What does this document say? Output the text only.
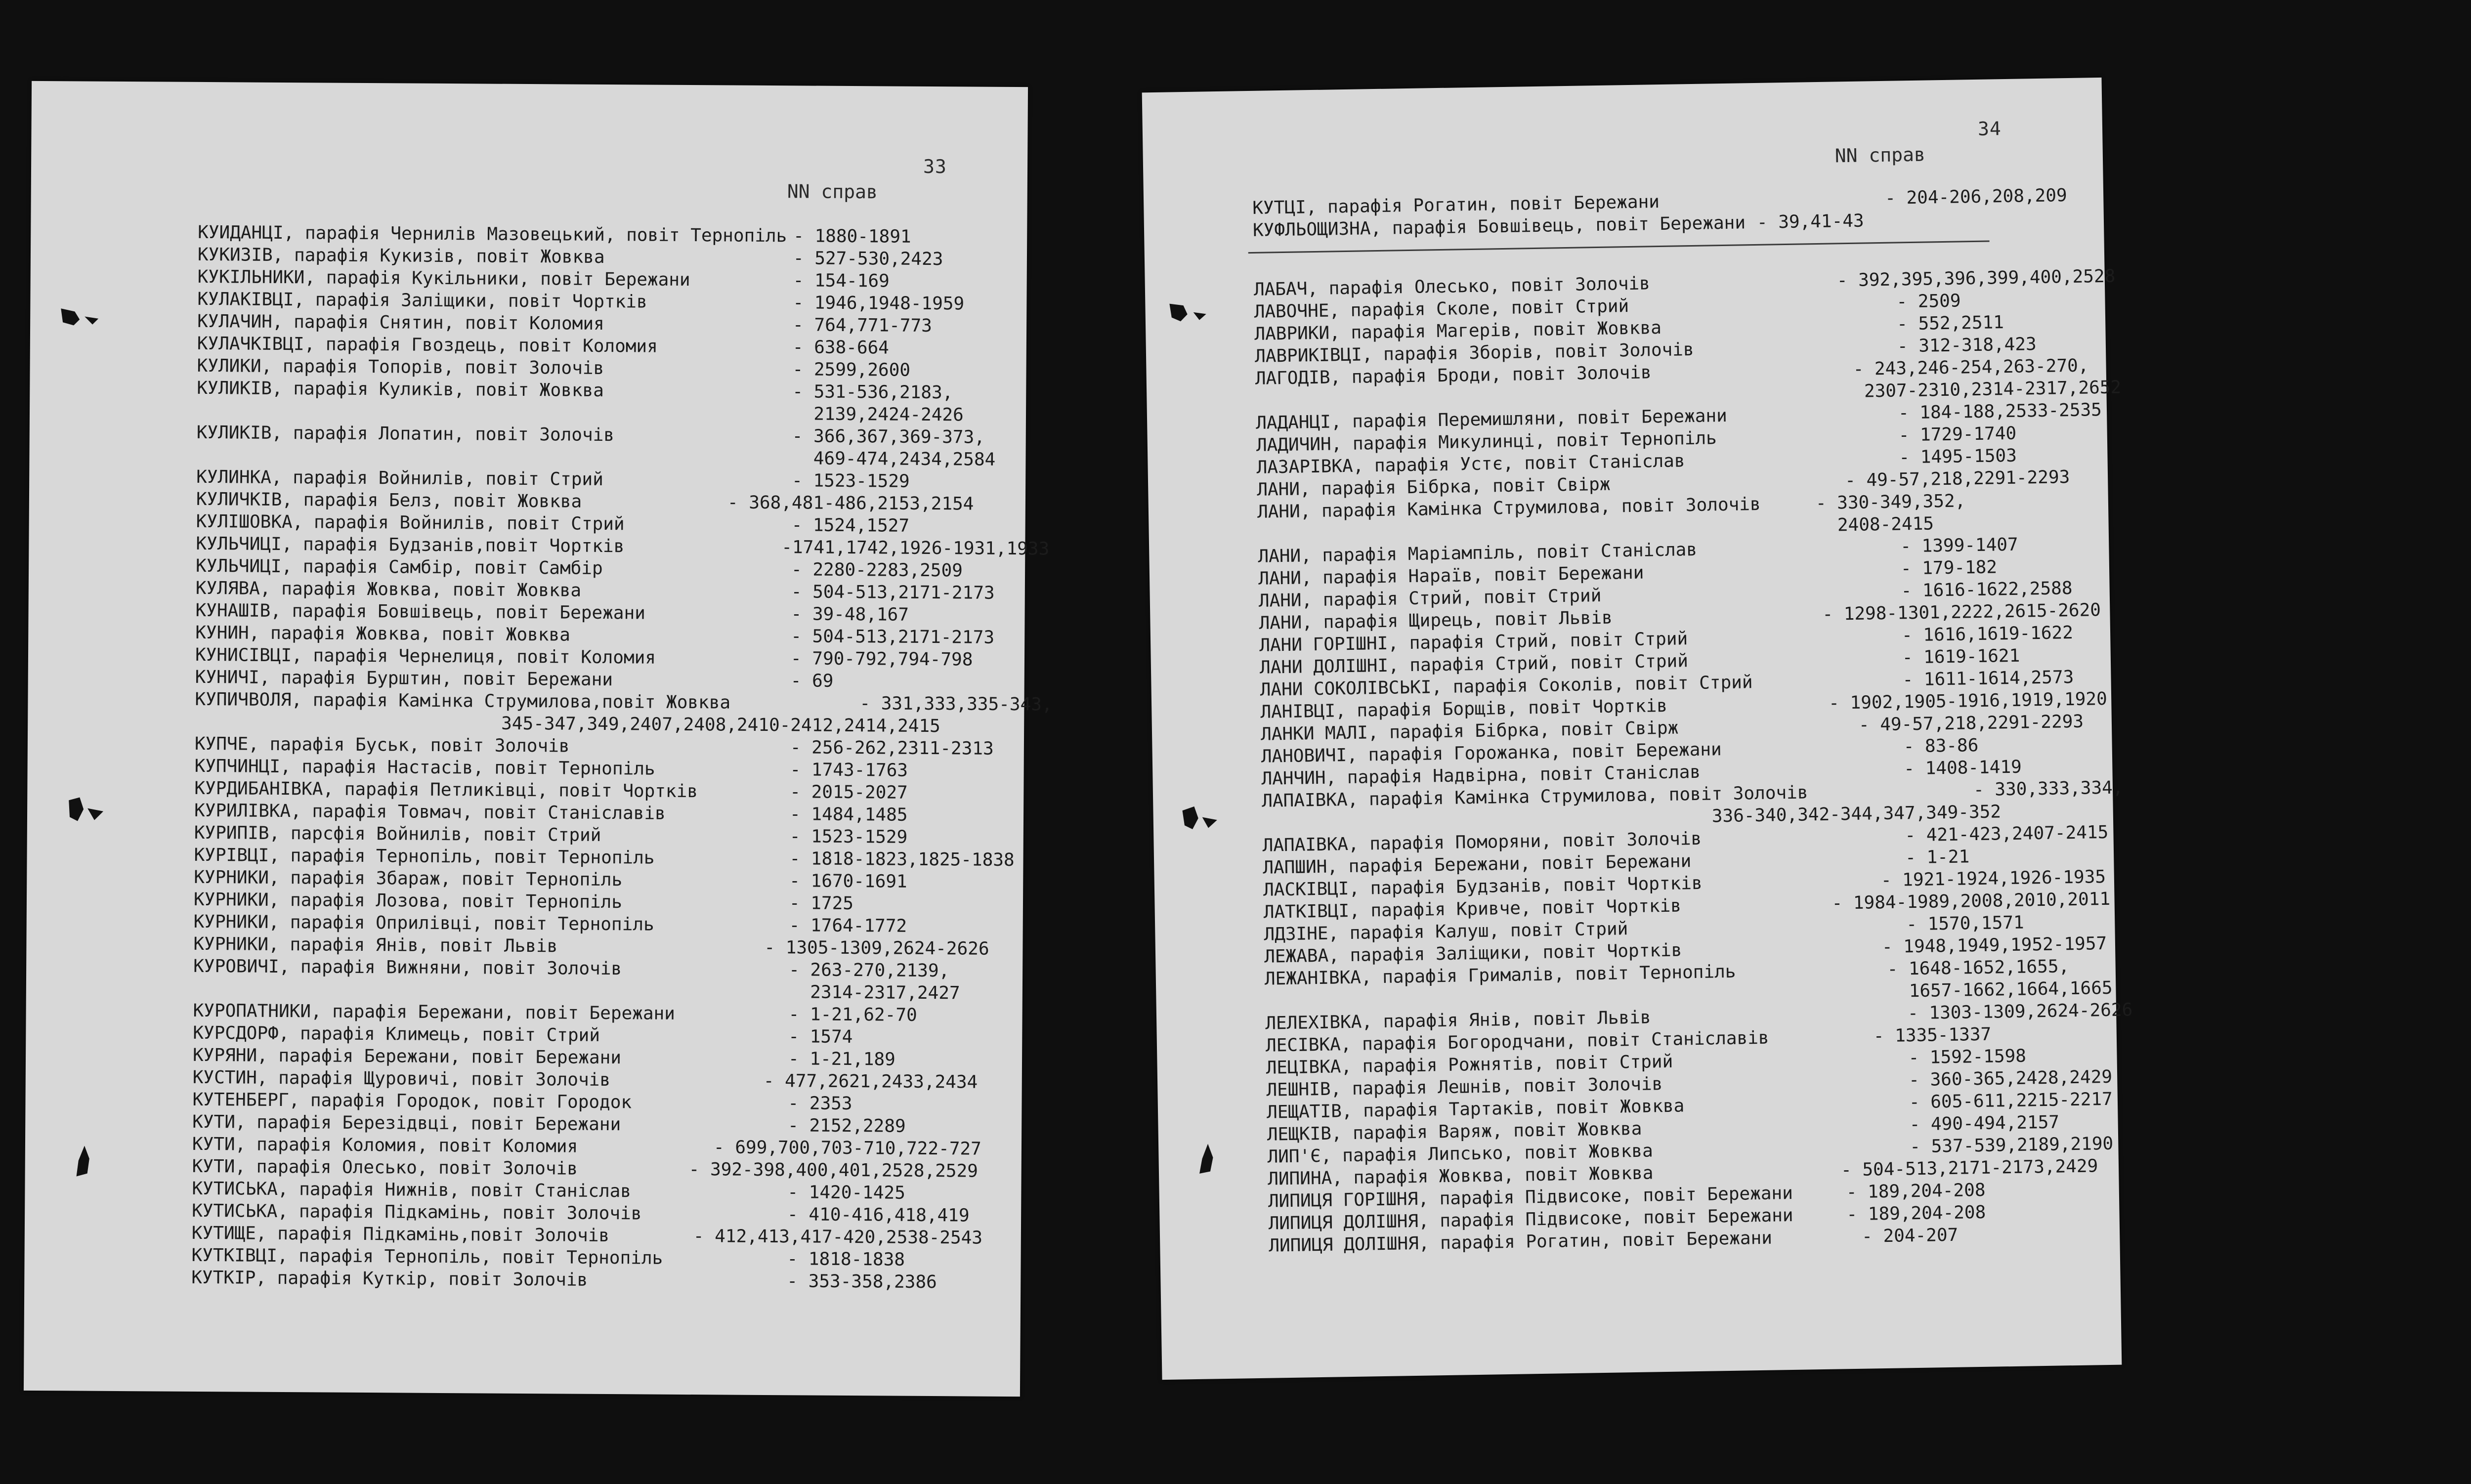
33
NN справ
КУИДАНЦІ, парафія Чернилів Мазовецький, повіт Тернопіль - 1880-1891
КУКИЗІВ, парафія Кукизів, повіт Жовква	- 527-530,2423
КУКІЛЬНИКИ, парафія Кукільники, повіт Бережани	- 154-169
КУЛАКІВЦІ, парафія Заліщики, повіт Чортків	- 1946,1948-1959
КУЛАЧИН, парафія Снятин, повіт Коломия	- 764,771-773
КУЛАЧКІВЦІ, парафія Гвоздець, повіт Коломия	- 638-664
КУЛИКИ, парафія Топорів, повіт Золочів	- 2599,2600
КУЛИКІВ, парафія Куликів, повіт Жовква	- 531-536,2183,
2139,2424-2426
КУЛИКІВ, парафія Лопатин, повіт Золочів	- 366,367,369-373,
469-474,2434,2584
КУЛИНКА, парафія Войнилів, повіт Стрий	- 1523-1529
КУЛИЧКІВ, парафія Белз, повіт Жовква	- 368,481-486,2153,2154
КУЛІШОВКА, парафія Войнилів, повіт Стрий	- 1524,1527
КУЛЬЧИЦІ, парафія Будзанів,повіт Чортків	-1741,1742,1926-1931,1933
КУЛЬЧИЦІ, парафія Самбір, повіт Самбір	- 2280-2283,2509
КУЛЯВА, парафія Жовква, повіт Жовква	- 504-513,2171-2173
КУНАШІВ, парафія Бовшівець, повіт Бережани	- 39-48,167
КУНИН, парафія Жовква, повіт Жовква	- 504-513,2171-2173
КУНИСІВЦІ, парафія Чернелиця, повіт Коломия	- 790-792,794-798
КУНИЧІ, парафія Бурштин, повіт Бережани	- 69
КУПИЧВОЛЯ, парафія Камінка Струмилова,повіт Жовква	- 331,333,335-343,
345-347,349,2407,2408,2410-2412,2414,2415
КУПЧЕ, парафія Буськ, повіт Золочів	- 256-262,2311-2313
КУПЧИНЦІ, парафія Настасів, повіт Тернопіль	- 1743-1763
КУРДИБАНІВКА, парафія Петликівці, повіт Чортків	- 2015-2027
КУРИЛІВКА, парафія Товмач, повіт Станіславів	- 1484,1485
КУРИПІВ, парсфія Войнилів, повіт Стрий	- 1523-1529
КУРІВЦІ, парафія Тернопіль, повіт Тернопіль	- 1818-1823,1825-1838
КУРНИКИ, парафія Збараж, повіт Тернопіль	- 1670-1691
КУРНИКИ, парафія Лозова, повіт Тернопіль	- 1725
КУРНИКИ, парафія Оприлівці, повіт Тернопіль	- 1764-1772
КУРНИКИ, парафія Янів, повіт Львів	- 1305-1309,2624-2626
КУРОВИЧІ, парафія Вижняни, повіт Золочів	- 263-270,2139,
2314-2317,2427
КУРОПАТНИКИ, парафія Бережани, повіт Бережани	- 1-21,62-70
КУРСДОРФ, парафія Климець, повіт Стрий	- 1574
КУРЯНИ, парафія Бережани, повіт Бережани	- 1-21,189
КУСТИН, парафія Щуровичі, повіт Золочів	- 477,2621,2433,2434
КУТЕНБЕРГ, парафія Городок, повіт Городок	- 2353
КУТИ, парафія Березідвці, повіт Бережани	- 2152,2289
КУТИ, парафія Коломия, повіт Коломия	- 699,700,703-710,722-727
КУТИ, парафія Олесько, повіт Золочів	- 392-398,400,401,2528,2529
КУТИСЬКА, парафія Нижнів, повіт Станіслав	- 1420-1425
КУТИСЬКА, парафія Підкамінь, повіт Золочів	- 410-416,418,419
КУТИЩЕ, парафія Підкамінь,повіт Золочів	- 412,413,417-420,2538-2543
КУТКІВЦІ, парафія Тернопіль, повіт Тернопіль	- 1818-1838
КУТКІР, парафія Куткір, повіт Золочів	- 353-358,2386
34
NN справ
КУТЦІ, парафія Рогатин, повіт Бережани	- 204-206,208,209
КУФЛЬОЩИЗНА, парафія Бовшівець, повіт Бережани - 39,41-43
ЛАБАЧ, парафія Олесько, повіт Золочів	- 392,395,396,399,400,2528
ЛАВОЧНЕ, парафія Сколе, повіт Стрий	- 2509
ЛАВРИКИ, парафія Магерів, повіт Жовква	- 552,2511
ЛАВРИКІВЦІ, парафія Зборів, повіт Золочів	- 312-318,423
ЛАГОДІВ, парафія Броди, повіт Золочів	- 243,246-254,263-270,
2307-2310,2314-2317,2652
ЛАДАНЦІ, парафія Перемишляни, повіт Бережани	- 184-188,2533-2535
ЛАДИЧИН, парафія Микулинці, повіт Тернопіль	- 1729-1740
ЛАЗАРІВКА, парафія Устє, повіт Станіслав	- 1495-1503
ЛАНИ, парафія Бібрка, повіт Свірж	- 49-57,218,2291-2293
ЛАНИ, парафія Камінка Струмилова, повіт Золочів	- 330-349,352,
2408-2415
ЛАНИ, парафія Маріампіль, повіт Станіслав	- 1399-1407
ЛАНИ, парафія Нараїв, повіт Бережани	- 179-182
ЛАНИ, парафія Стрий, повіт Стрий	- 1616-1622,2588
ЛАНИ, парафія Щирець, повіт Львів	- 1298-1301,2222,2615-2620
ЛАНИ ГОРІШНІ, парафія Стрий, повіт Стрий	- 1616,1619-1622
ЛАНИ ДОЛІШНІ, парафія Стрий, повіт Стрий	- 1619-1621
ЛАНИ СОКОЛІВСЬКІ, парафія Соколів, повіт Стрий	- 1611-1614,2573
ЛАНІВЦІ, парафія Борщів, повіт Чортків	- 1902,1905-1916,1919,1920
ЛАНКИ МАЛІ, парафія Бібрка, повіт Свірж	- 49-57,218,2291-2293
ЛАНОВИЧІ, парафія Горожанка, повіт Бережани	- 83-86
ЛАНЧИН, парафія Надвірна, повіт Станіслав	- 1408-1419
ЛАПАІВКА, парафія Камінка Струмилова, повіт Золочів	- 330,333,334,
336-340,342-344,347,349-352
ЛАПАІВКА, парафія Поморяни, повіт Золочів	- 421-423,2407-2415
ЛАПШИН, парафія Бережани, повіт Бережани	- 1-21
ЛАСКІВЦІ, парафія Будзанів, повіт Чортків	- 1921-1924,1926-1935
ЛАТКІВЦІ, парафія Кривче, повіт Чортків	- 1984-1989,2008,2010,2011
ЛДЗІНЕ, парафія Калуш, повіт Стрий	- 1570,1571
ЛЕЖАВА, парафія Заліщики, повіт Чортків	- 1948,1949,1952-1957
ЛЕЖАНІВКА, парафія Грималів, повіт Тернопіль	- 1648-1652,1655,
1657-1662,1664,1665
ЛЕЛЕХІВКА, парафія Янів, повіт Львів	- 1303-1309,2624-2626
ЛЕСІВКА, парафія Богородчани, повіт Станіславів	- 1335-1337
ЛЕЦІВКА, парафія Рожнятів, повіт Стрий	- 1592-1598
ЛЕШНІВ, парафія Лешнів, повіт Золочів	- 360-365,2428,2429
ЛЕЩАТІВ, парафія Тартаків, повіт Жовква	- 605-611,2215-2217
ЛЕЩКІВ, парафія Варяж, повіт Жовква	- 490-494,2157
ЛИП'Є, парафія Липсько, повіт Жовква	- 537-539,2189,2190
ЛИПИНА, парафія Жовква, повіт Жовква	- 504-513,2171-2173,2429
ЛИПИЦЯ ГОРІШНЯ, парафія Підвисоке, повіт Бережани	- 189,204-208
ЛИПИЦЯ ДОЛІШНЯ, парафія Підвисоке, повіт Бережани	- 189,204-208
ЛИПИЦЯ ДОЛІШНЯ, парафія Рогатин, повіт Бережани	- 204-207
